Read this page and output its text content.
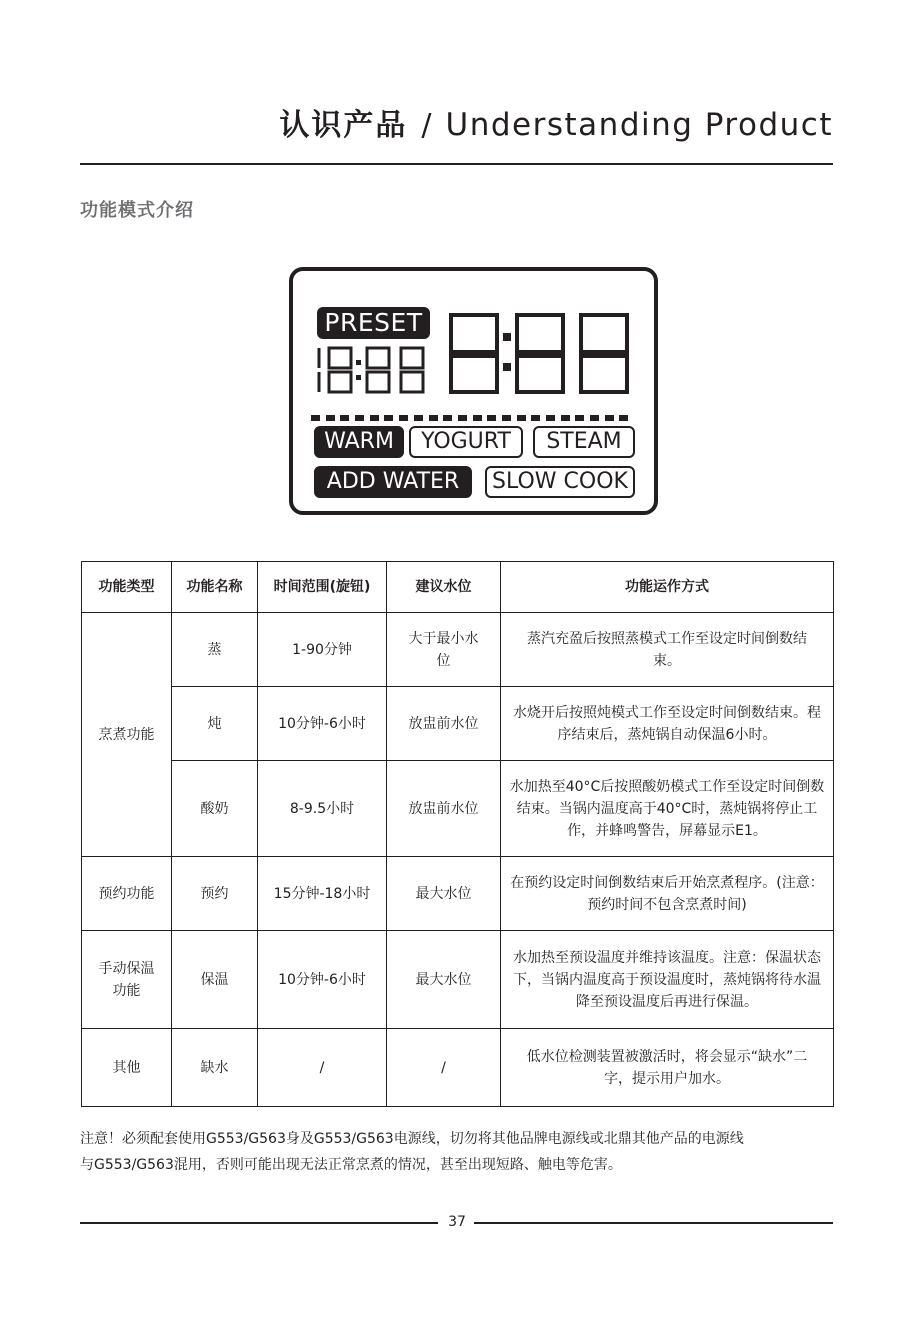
认识产品 / Understanding Product
功能模式介绍
PRESET
WARM	YOGURT	STEAM
ADD WATER	SLOW COOK
功能类型	功能名称	时间范围(旋钮)	建议水位	功能运作方式
烹煮功能	蒸	1-90分钟	大于最小水位	蒸汽充盈后按照蒸模式工作至设定时间倒数结束。
	炖	10分钟-6小时	放盅前水位	水烧开后按照炖模式工作至设定时间倒数结束。程序结束后，蒸炖锅自动保温6小时。
	酸奶	8-9.5小时	放盅前水位	水加热至40°C后按照酸奶模式工作至设定时间倒数结束。当锅内温度高于40°C时，蒸炖锅将停止工作，并蜂鸣警告，屏幕显示E1。
预约功能	预约	15分钟-18小时	最大水位	在预约设定时间倒数结束后开始烹煮程序。(注意：预约时间不包含烹煮时间)
手动保温功能	保温	10分钟-6小时	最大水位	水加热至预设温度并维持该温度。注意：保温状态下，当锅内温度高于预设温度时，蒸炖锅将待水温降至预设温度后再进行保温。
其他	缺水	/	/	低水位检测装置被激活时，将会显示“缺水”二字，提示用户加水。
注意！必须配套使用G553/G563身及G553/G563电源线，切勿将其他品牌电源线或北鼎其他产品的电源线
与G553/G563混用，否则可能出现无法正常烹煮的情况，甚至出现短路、触电等危害。
37
